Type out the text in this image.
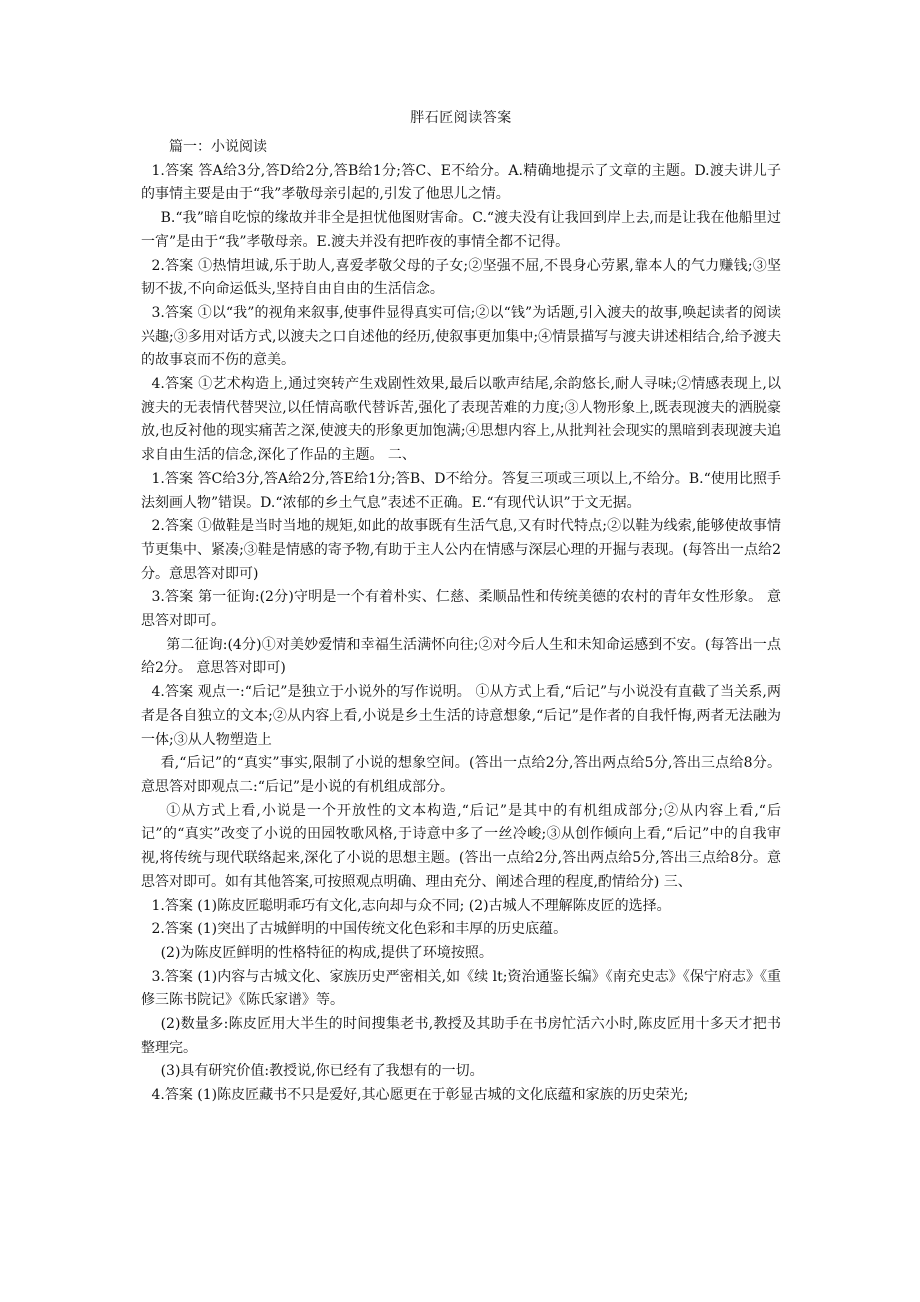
胖石匠阅读答案

篇一：小说阅读

1.答案 答A给3分,答D给2分,答B给1分;答C、E不给分。A.精确地提示了文章的主题。D.渡夫讲儿子的事情主要是由于“我”孝敬母亲引起的,引发了他思儿之情。

B.“我”暗自吃惊的缘故并非全是担忧他图财害命。C.“渡夫没有让我回到岸上去,而是让我在他船里过一宵”是由于“我”孝敬母亲。E.渡夫并没有把昨夜的事情全都不记得。

2.答案 ①热情坦诚,乐于助人,喜爱孝敬父母的子女;②坚强不屈,不畏身心劳累,靠本人的气力赚钱;③坚韧不拔,不向命运低头,坚持自由自由的生活信念。

3.答案 ①以“我”的视角来叙事,使事件显得真实可信;②以“钱”为话题,引入渡夫的故事,唤起读者的阅读兴趣;③多用对话方式,以渡夫之口自述他的经历,使叙事更加集中;④情景描写与渡夫讲述相结合,给予渡夫的故事哀而不伤的意美。

4.答案 ①艺术构造上,通过突转产生戏剧性效果,最后以歌声结尾,余韵悠长,耐人寻味;②情感表现上,以渡夫的无表情代替哭泣,以任情高歌代替诉苦,强化了表现苦难的力度;③人物形象上,既表现渡夫的洒脱豪放,也反衬他的现实痛苦之深,使渡夫的形象更加饱满;④思想内容上,从批判社会现实的黑暗到表现渡夫追求自由生活的信念,深化了作品的主题。 二、

1.答案 答C给3分,答A给2分,答E给1分;答B、D不给分。答复三项或三项以上,不给分。B.“使用比照手法刻画人物”错误。D.“浓郁的乡土气息”表述不正确。E.“有现代认识”于文无据。

2.答案 ①做鞋是当时当地的规矩,如此的故事既有生活气息,又有时代特点;②以鞋为线索,能够使故事情节更集中、紧凑;③鞋是情感的寄予物,有助于主人公内在情感与深层心理的开掘与表现。(每答出一点给2分。意思答对即可)

3.答案 第一征询:(2分)守明是一个有着朴实、仁慈、柔顺品性和传统美德的农村的青年女性形象。 意思答对即可。

第二征询:(4分)①对美妙爱情和幸福生活满怀向往;②对今后人生和未知命运感到不安。(每答出一点给2分。 意思答对即可)

4.答案 观点一:“后记”是独立于小说外的写作说明。 ①从方式上看,“后记”与小说没有直截了当关系,两者是各自独立的文本;②从内容上看,小说是乡土生活的诗意想象,“后记”是作者的自我忏悔,两者无法融为一体;③从人物塑造上

看,“后记”的“真实”事实,限制了小说的想象空间。(答出一点给2分,答出两点给5分,答出三点给8分。意思答对即观点二:“后记”是小说的有机组成部分。

①从方式上看,小说是一个开放性的文本构造,“后记”是其中的有机组成部分;②从内容上看,“后记”的“真实”改变了小说的田园牧歌风格,于诗意中多了一丝冷峻;③从创作倾向上看,“后记”中的自我审视,将传统与现代联络起来,深化了小说的思想主题。(答出一点给2分,答出两点给5分,答出三点给8分。意思答对即可。如有其他答案,可按照观点明确、理由充分、阐述合理的程度,酌情给分) 三、

1.答案 (1)陈皮匠聪明乖巧有文化,志向却与众不同; (2)古城人不理解陈皮匠的选择。

2.答案 (1)突出了古城鲜明的中国传统文化色彩和丰厚的历史底蕴。

(2)为陈皮匠鲜明的性格特征的构成,提供了环境按照。

3.答案 (1)内容与古城文化、家族历史严密相关,如《续 lt;资治通鉴长编》《南充史志》《保宁府志》《重修三陈书院记》《陈氏家谱》等。

(2)数量多:陈皮匠用大半生的时间搜集老书,教授及其助手在书房忙活六小时,陈皮匠用十多天才把书整理完。

(3)具有研究价值:教授说,你已经有了我想有的一切。

4.答案 (1)陈皮匠藏书不只是爱好,其心愿更在于彰显古城的文化底蕴和家族的历史荣光;
